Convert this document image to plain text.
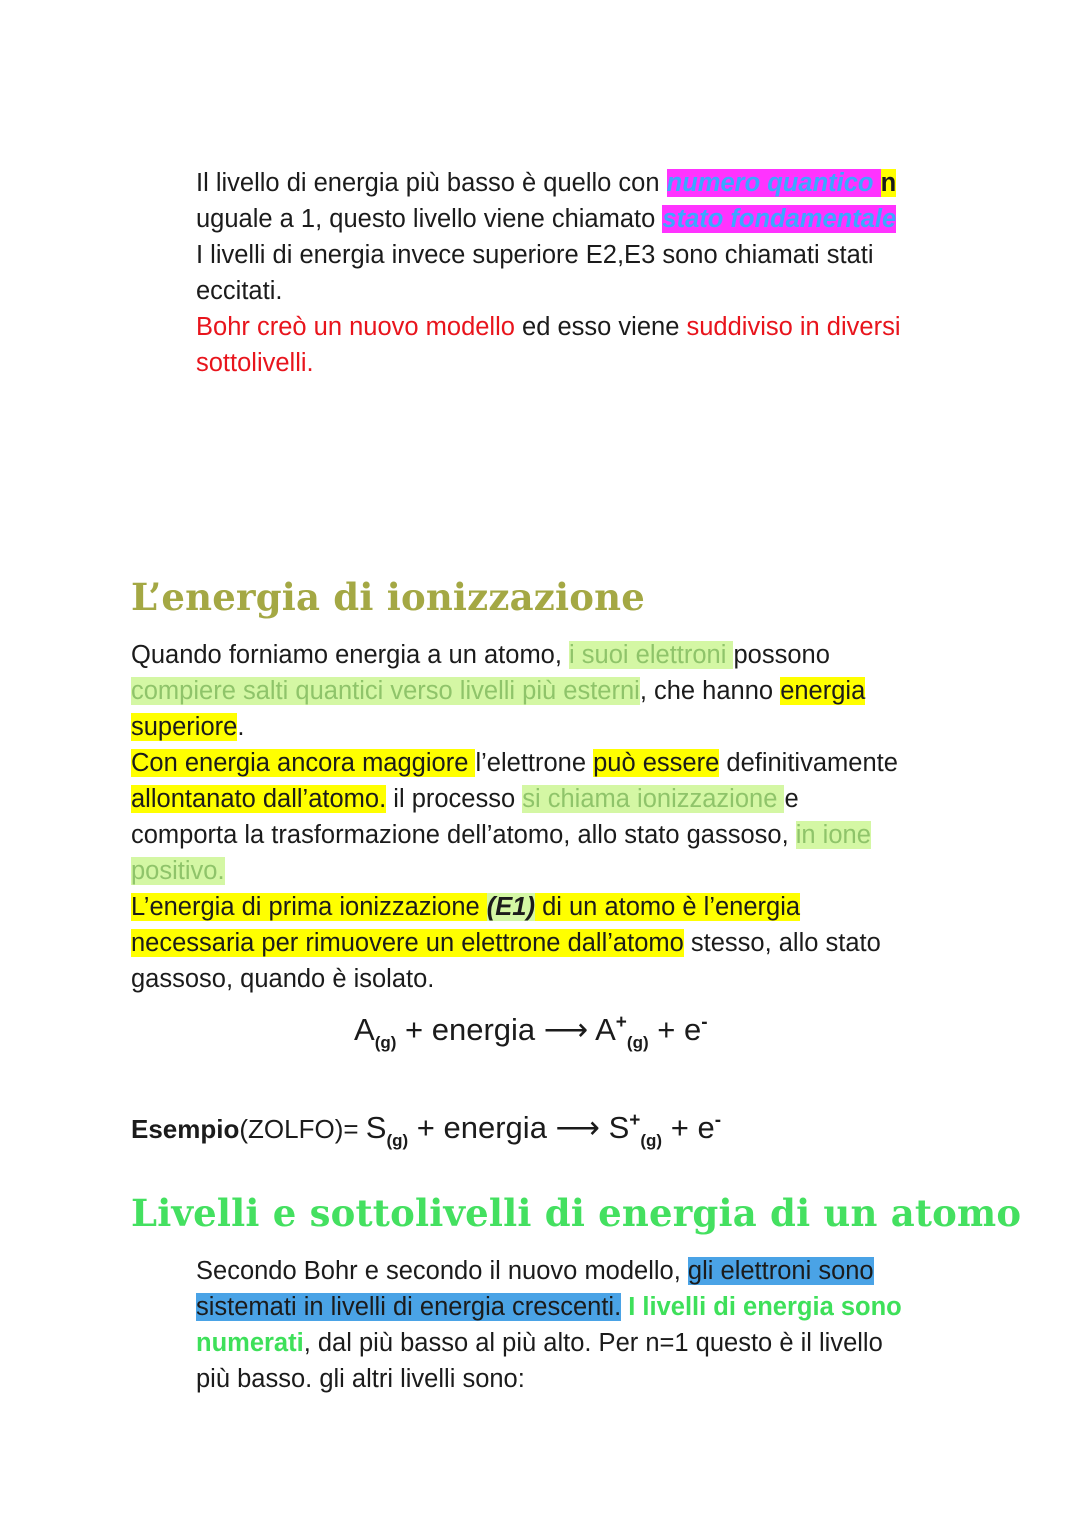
Il livello di energia più basso è quello con numero quantico n
uguale a 1, questo livello viene chiamato stato fondamentale
I livelli di energia invece superiore E2,E3 sono chiamati stati
eccitati.
Bohr creò un nuovo modello ed esso viene suddiviso in diversi
sottolivelli.
L’energia di ionizzazione
Quando forniamo energia a un atomo, i suoi elettroni possono
compiere salti quantici verso livelli più esterni, che hanno energia
superiore.
Con energia ancora maggiore l’elettrone può essere definitivamente
allontanato dall’atomo. il processo si chiama ionizzazione e
comporta la trasformazione dell’atomo, allo stato gassoso, in ione
positivo.
L’energia di prima ionizzazione (E1) di un atomo è l’energia
necessaria per rimuovere un elettrone dall’atomo stesso, allo stato
gassoso, quando è isolato.
$A_{(g)}$ + energia ⟶ $A^+_{(g)} + e^-$
Esempio(ZOLFO)= $S_{(g)}$ + energia ⟶ $S^+_{(g)} + e^-$
Livelli e sottolivelli di energia di un atomo
Secondo Bohr e secondo il nuovo modello, gli elettroni sono
sistemati in livelli di energia crescenti. I livelli di energia sono
numerati, dal più basso al più alto. Per n=1 questo è il livello
più basso. gli altri livelli sono:
